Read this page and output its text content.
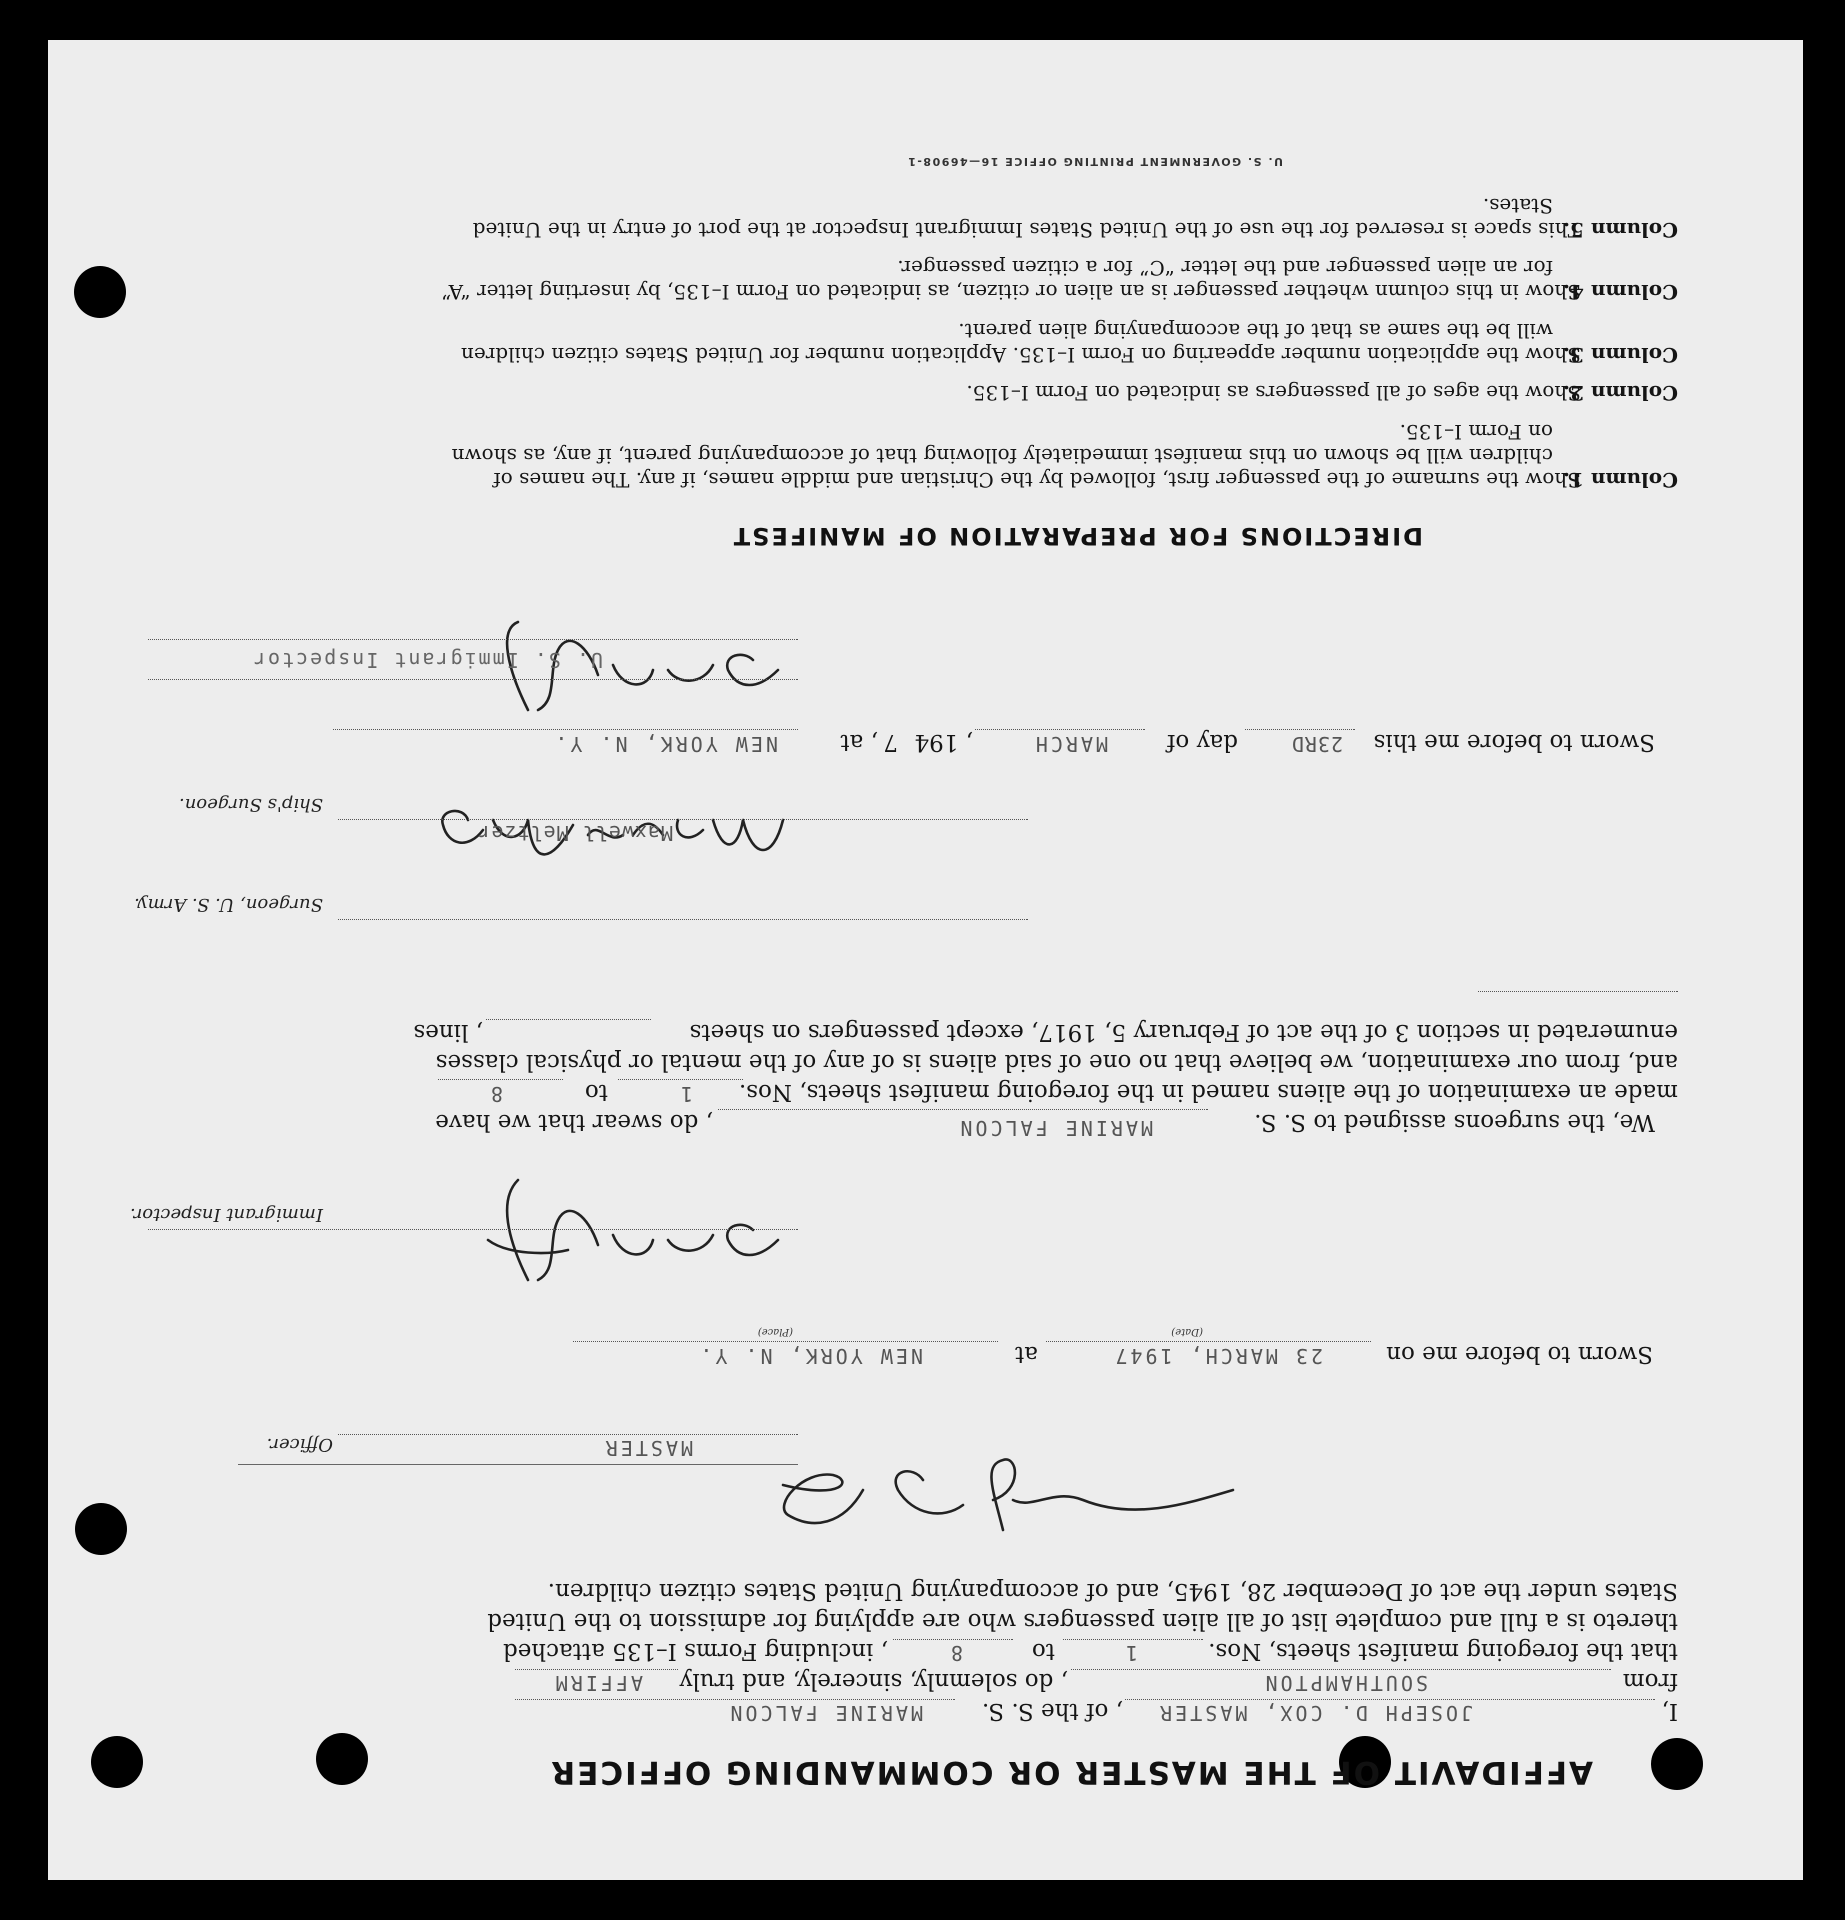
AFFIDAVIT OF THE MASTER OR COMMANDING OFFICER
I,
JOSEPH D. COX, MASTER
, of the S. S.
MARINE FALCON
from
SOUTHAMPTON
, do solemnly, sincerely, and truly
AFFIRM
that the foregoing manifest sheets, Nos.
1
to
8
, including Forms I–135 attached
thereto is a full and complete list of all alien passengers who are applying for admission to the United
States under the act of December 28, 1945, and of accompanying United States citizen children.
MASTER
Officer.
Sworn to before me on
23 MARCH, 1947
(Date)
at
NEW YORK, N. Y.
(Place)
Immigrant Inspector.
We, the surgeons assigned to S. S.
MARINE FALCON
, do swear that we have
made an examination of the aliens named in the foregoing manifest sheets, Nos.
1
to
8
and, from our examination, we believe that no one of said aliens is of any of the mental or physical classes
enumerated in section 3 of the act of February 5, 1917, except passengers on sheets
, lines
Surgeon, U. S. Army.
Maxwell Meltzer
Ship's Surgeon.
Sworn to before me this
23RD
day of
MARCH
, 194
7
, at
NEW YORK, N. Y.
U. S. Immigrant Inspector
DIRECTIONS FOR PREPARATION OF MANIFEST
Column 1.
Show the surname of the passenger first, followed by the Christian and middle names, if any. The names of
children will be shown on this manifest immediately following that of accompanying parent, if any, as shown
on Form I–135.
Column 2.
Show the ages of all passengers as indicated on Form I–135.
Column 3.
Show the application number appearing on Form I–135. Application number for United States citizen children
will be the same as that of the accompanying alien parent.
Column 4.
Show in this column whether passenger is an alien or citizen, as indicated on Form I–135, by inserting letter “A”
for an alien passenger and the letter “C” for a citizen passenger.
Column 5.
This space is reserved for the use of the United States Immigrant Inspector at the port of entry in the United
States.
U. S. GOVERNMENT PRINTING OFFICE 16—46908-1
